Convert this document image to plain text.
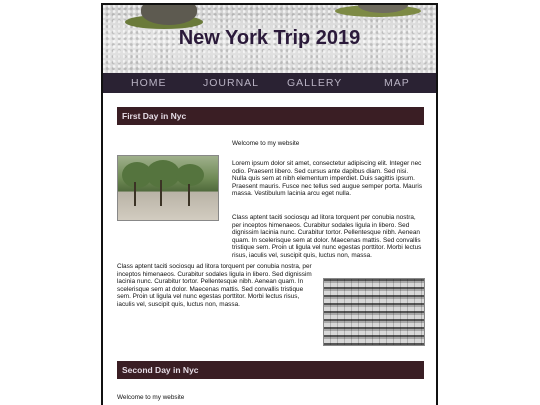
New York Trip 2019
HOME	JOURNAL	GALLERY	MAP
First Day in Nyc
Welcome to my website
Lorem ipsum dolor sit amet, consectetur adipiscing elit. Integer nec odio. Praesent libero. Sed cursus ante dapibus diam. Sed nisi. Nulla quis sem at nibh elementum imperdiet. Duis sagittis ipsum. Praesent mauris. Fusce nec tellus sed augue semper porta. Mauris massa. Vestibulum lacinia arcu eget nulla.
Class aptent taciti sociosqu ad litora torquent per conubia nostra, per inceptos himenaeos. Curabitur sodales ligula in libero. Sed dignissim lacinia nunc. Curabitur tortor. Pellentesque nibh. Aenean quam. In scelerisque sem at dolor. Maecenas mattis. Sed convallis tristique sem. Proin ut ligula vel nunc egestas porttitor. Morbi lectus risus, iaculis vel, suscipit quis, luctus non, massa.
Class aptent taciti sociosqu ad litora torquent per conubia nostra, per inceptos himenaeos. Curabitur sodales ligula in libero. Sed dignissim lacinia nunc. Curabitur tortor. Pellentesque nibh. Aenean quam. In scelerisque sem at dolor. Maecenas mattis. Sed convallis tristique sem. Proin ut ligula vel nunc egestas porttitor. Morbi lectus risus, iaculis vel, suscipit quis, luctus non, massa.
Second Day in Nyc
Welcome to my website
